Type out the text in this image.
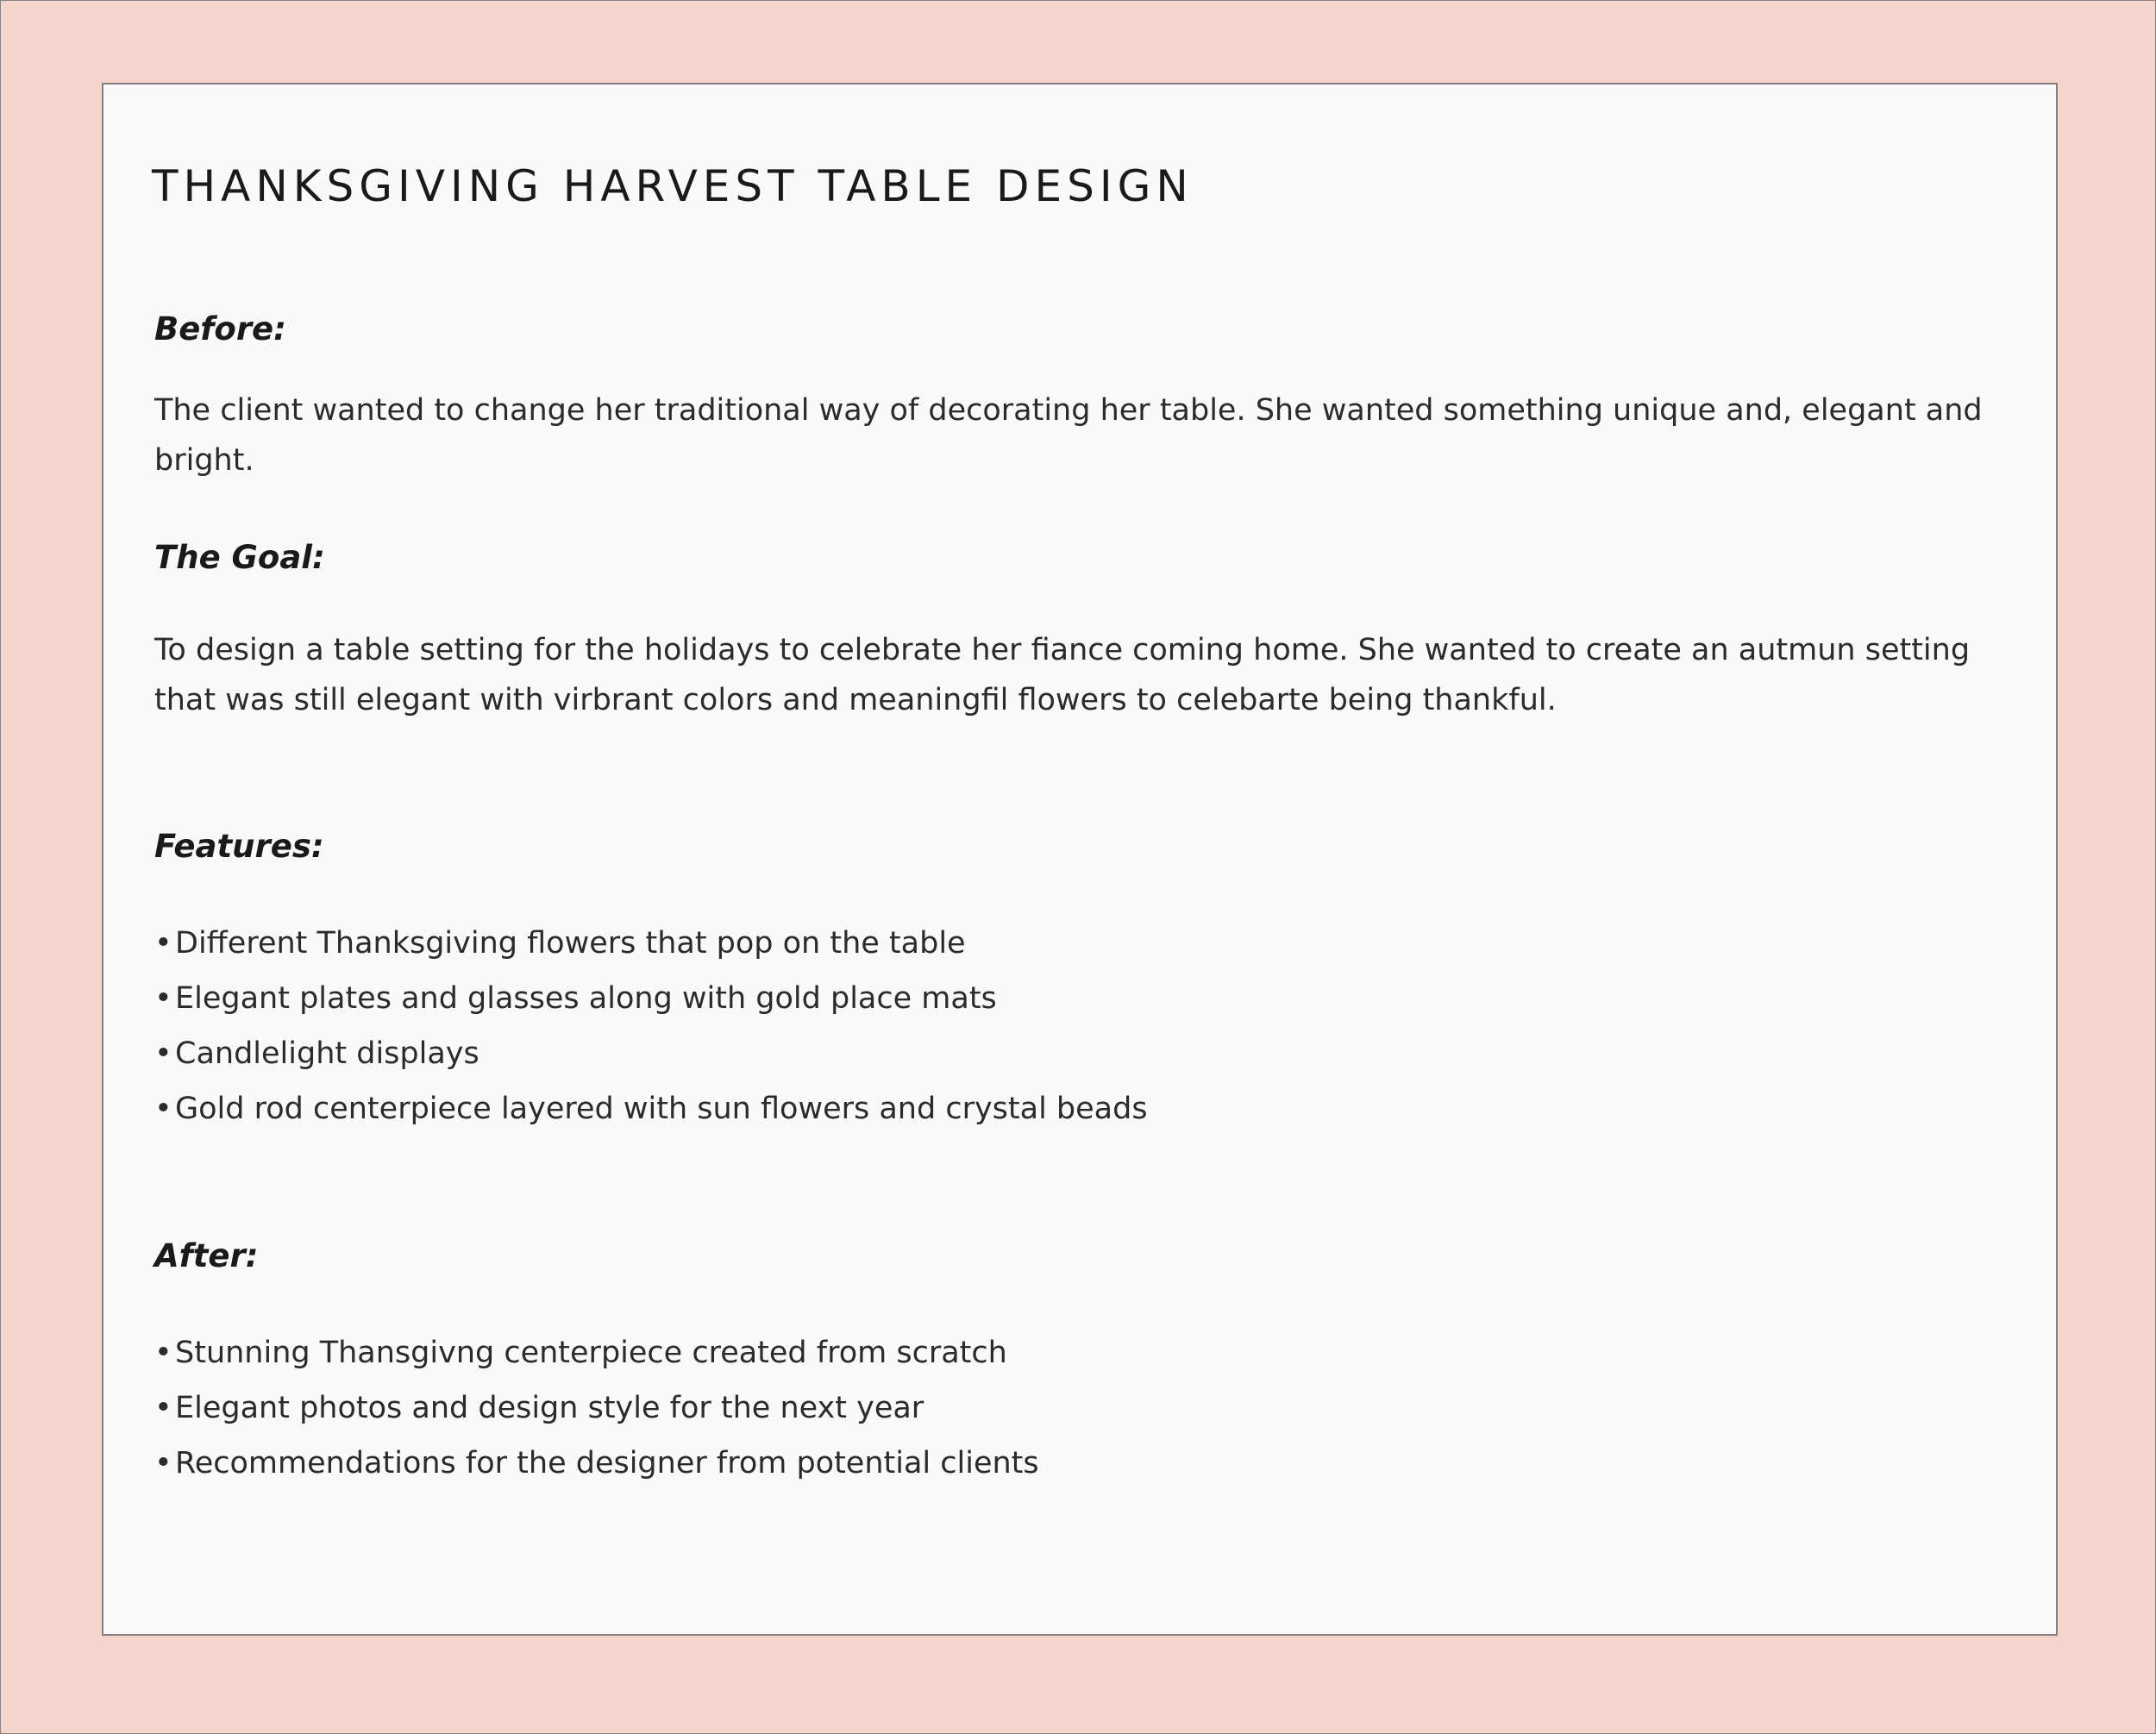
THANKSGIVING HARVEST TABLE DESIGN
Before:

The client wanted to change her traditional way of decorating her table. She wanted something unique and, elegant and bright.

The Goal:

To design a table setting for the holidays to celebrate her fiance coming home. She wanted to create an autmun setting that was still elegant with virbrant colors and meaningfil flowers to celebarte being thankful.

Features:
•Different Thanksgiving flowers that pop on the table
•Elegant plates and glasses along with gold place mats
•Candlelight displays
•Gold rod centerpiece layered with sun flowers and crystal beads
After:
•Stunning Thansgivng centerpiece created from scratch
•Elegant photos and design style for the next year
•Recommendations for the designer from potential clients
